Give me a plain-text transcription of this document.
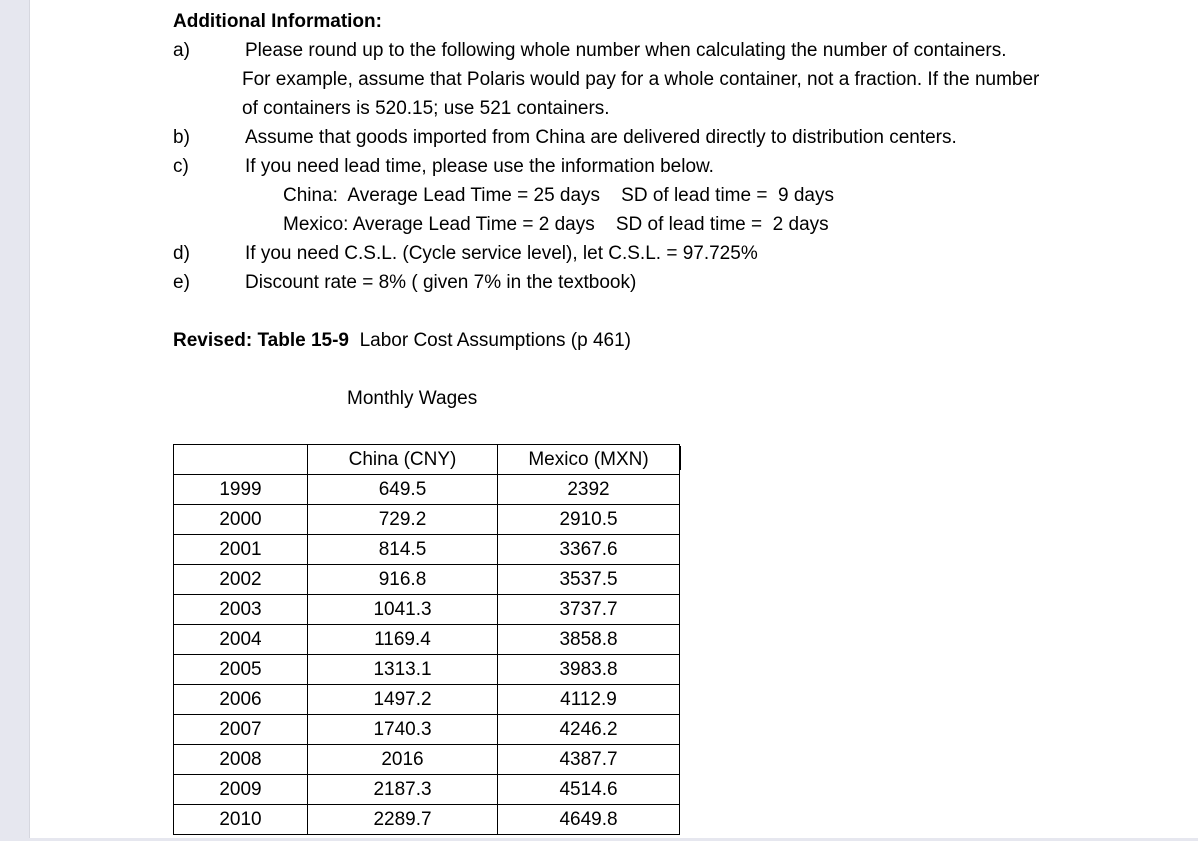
Additional Information:
a)	Please round up to the following whole number when calculating the number of containers.
For example, assume that Polaris would pay for a whole container, not a fraction. If the number
of containers is 520.15; use 521 containers.
b)	Assume that goods imported from China are delivered directly to distribution centers.
c)	If you need lead time, please use the information below.
China:  Average Lead Time = 25 days    SD of lead time =  9 days
Mexico: Average Lead Time = 2 days    SD of lead time =  2 days
d)	If you need C.S.L. (Cycle service level), let C.S.L. = 97.725%
e)	Discount rate = 8% ( given 7% in the textbook)
Revised: Table 15-9  Labor Cost Assumptions (p 461)
Monthly Wages
	China (CNY)	Mexico (MXN)
1999	649.5	2392
2000	729.2	2910.5
2001	814.5	3367.6
2002	916.8	3537.5
2003	1041.3	3737.7
2004	1169.4	3858.8
2005	1313.1	3983.8
2006	1497.2	4112.9
2007	1740.3	4246.2
2008	2016	4387.7
2009	2187.3	4514.6
2010	2289.7	4649.8
